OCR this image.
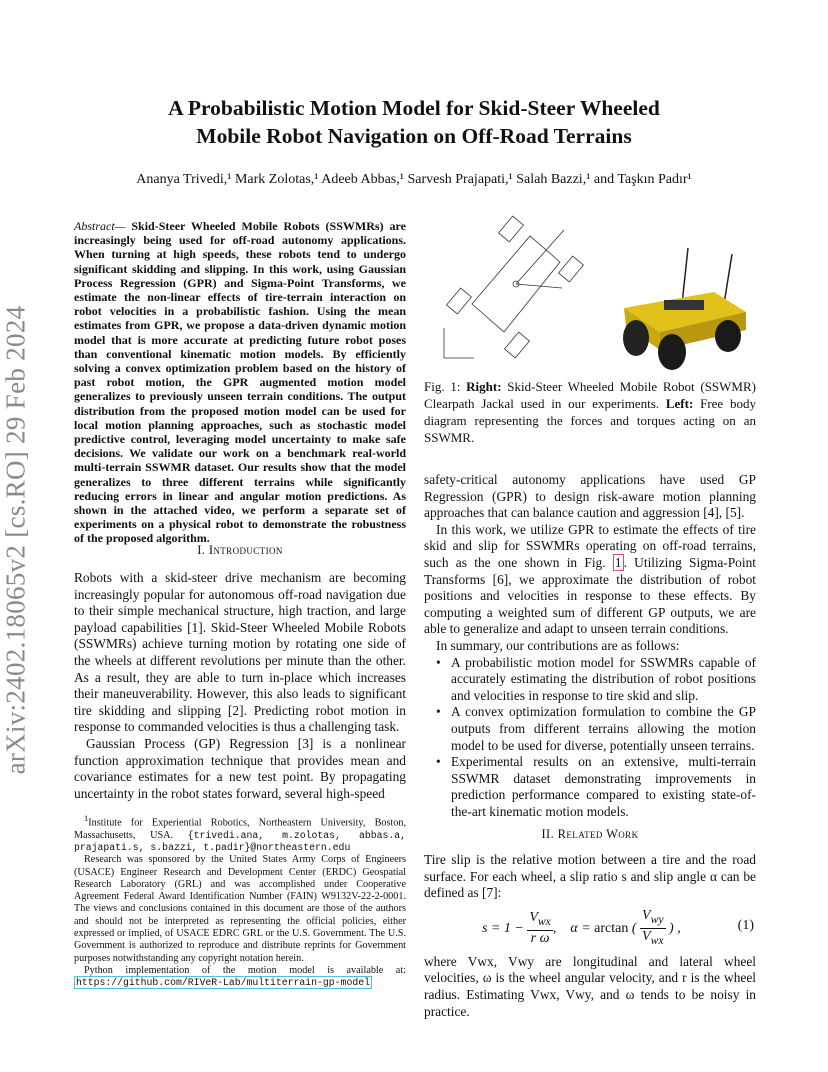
arXiv:2402.18065v2 [cs.RO] 29 Feb 2024
A Probabilistic Motion Model for Skid-Steer Wheeled
Mobile Robot Navigation on Off-Road Terrains
Ananya Trivedi,¹ Mark Zolotas,¹ Adeeb Abbas,¹ Sarvesh Prajapati,¹ Salah Bazzi,¹ and Taşkın Padır¹
Abstract— Skid-Steer Wheeled Mobile Robots (SSWMRs) are increasingly being used for off-road autonomy applications. When turning at high speeds, these robots tend to undergo significant skidding and slipping. In this work, using Gaussian Process Regression (GPR) and Sigma-Point Transforms, we estimate the non-linear effects of tire-terrain interaction on robot velocities in a probabilistic fashion. Using the mean estimates from GPR, we propose a data-driven dynamic motion model that is more accurate at predicting future robot poses than conventional kinematic motion models. By efficiently solving a convex optimization problem based on the history of past robot motion, the GPR augmented motion model generalizes to previously unseen terrain conditions. The output distribution from the proposed motion model can be used for local motion planning approaches, such as stochastic model predictive control, leveraging model uncertainty to make safe decisions. We validate our work on a benchmark real-world multi-terrain SSWMR dataset. Our results show that the model generalizes to three different terrains while significantly reducing errors in linear and angular motion predictions. As shown in the attached video, we perform a separate set of experiments on a physical robot to demonstrate the robustness of the proposed algorithm.
I. Introduction

Robots with a skid-steer drive mechanism are becoming increasingly popular for autonomous off-road navigation due to their simple mechanical structure, high traction, and large payload capabilities [1]. Skid-Steer Wheeled Mobile Robots (SSWMRs) achieve turning motion by rotating one side of the wheels at different revolutions per minute than the other. As a result, they are able to turn in-place which increases their maneuverability. However, this also leads to significant tire skidding and slipping [2]. Predicting robot motion in response to commanded velocities is thus a challenging task.

Gaussian Process (GP) Regression [3] is a nonlinear function approximation technique that provides mean and covariance estimates for a new test point. By propagating uncertainty in the robot states forward, several high-speed

$^1$Institute for Experiential Robotics, Northeastern University, Boston, Massachusetts, USA. {trivedi.ana, m.zolotas, abbas.a, prajapati.s, s.bazzi, t.padir}@northeastern.edu

Research was sponsored by the United States Army Corps of Engineers (USACE) Engineer Research and Development Center (ERDC) Geospatial Research Laboratory (GRL) and was accomplished under Cooperative Agreement Federal Award Identification Number (FAIN) W9132V-22-2-0001. The views and conclusions contained in this document are those of the authors and should not be interpreted as representing the official policies, either expressed or implied, of USACE EDRC GRL or the U.S. Government. The U.S. Government is authorized to reproduce and distribute reprints for Government purposes notwithstanding any copyright notation herein.

Python implementation of the motion model is available at: https://github.com/RIVeR-Lab/multiterrain-gp-model

Fig. 1: Right: Skid-Steer Wheeled Mobile Robot (SSWMR) Clearpath Jackal used in our experiments. Left: Free body diagram representing the forces and torques acting on an SSWMR.

safety-critical autonomy applications have used GP Regression (GPR) to design risk-aware motion planning approaches that can balance caution and aggression [4], [5].

In this work, we utilize GPR to estimate the effects of tire skid and slip for SSWMRs operating on off-road terrains, such as the one shown in Fig. 1 . Utilizing Sigma-Point Transforms [6], we approximate the distribution of robot positions and velocities in response to these effects. By computing a weighted sum of different GP outputs, we are able to generalize and adapt to unseen terrain conditions.

In summary, our contributions are as follows:

• A probabilistic motion model for SSWMRs capable of accurately estimating the distribution of robot positions and velocities in response to tire skid and slip.
• A convex optimization formulation to combine the GP outputs from different terrains allowing the motion model to be used for diverse, potentially unseen terrains.
• Experimental results on an extensive, multi-terrain SSWMR dataset demonstrating improvements in prediction performance compared to existing state-of-the-art kinematic motion models.
II. Related Work

Tire slip is the relative motion between a tire and the road surface. For each wheel, a slip ratio s and slip angle α can be defined as [7]:

$s = 1 - \frac{V_{wx}}{\text{r ω}}$ ,    α = arctan ( $\frac{V_{wy}}{V_{wx}}$ ) ,	(1)

where Vwx, Vwy are longitudinal and lateral wheel velocities, ω is the wheel angular velocity, and r is the wheel radius. Estimating Vwx, Vwy, and ω tends to be noisy in practice.
